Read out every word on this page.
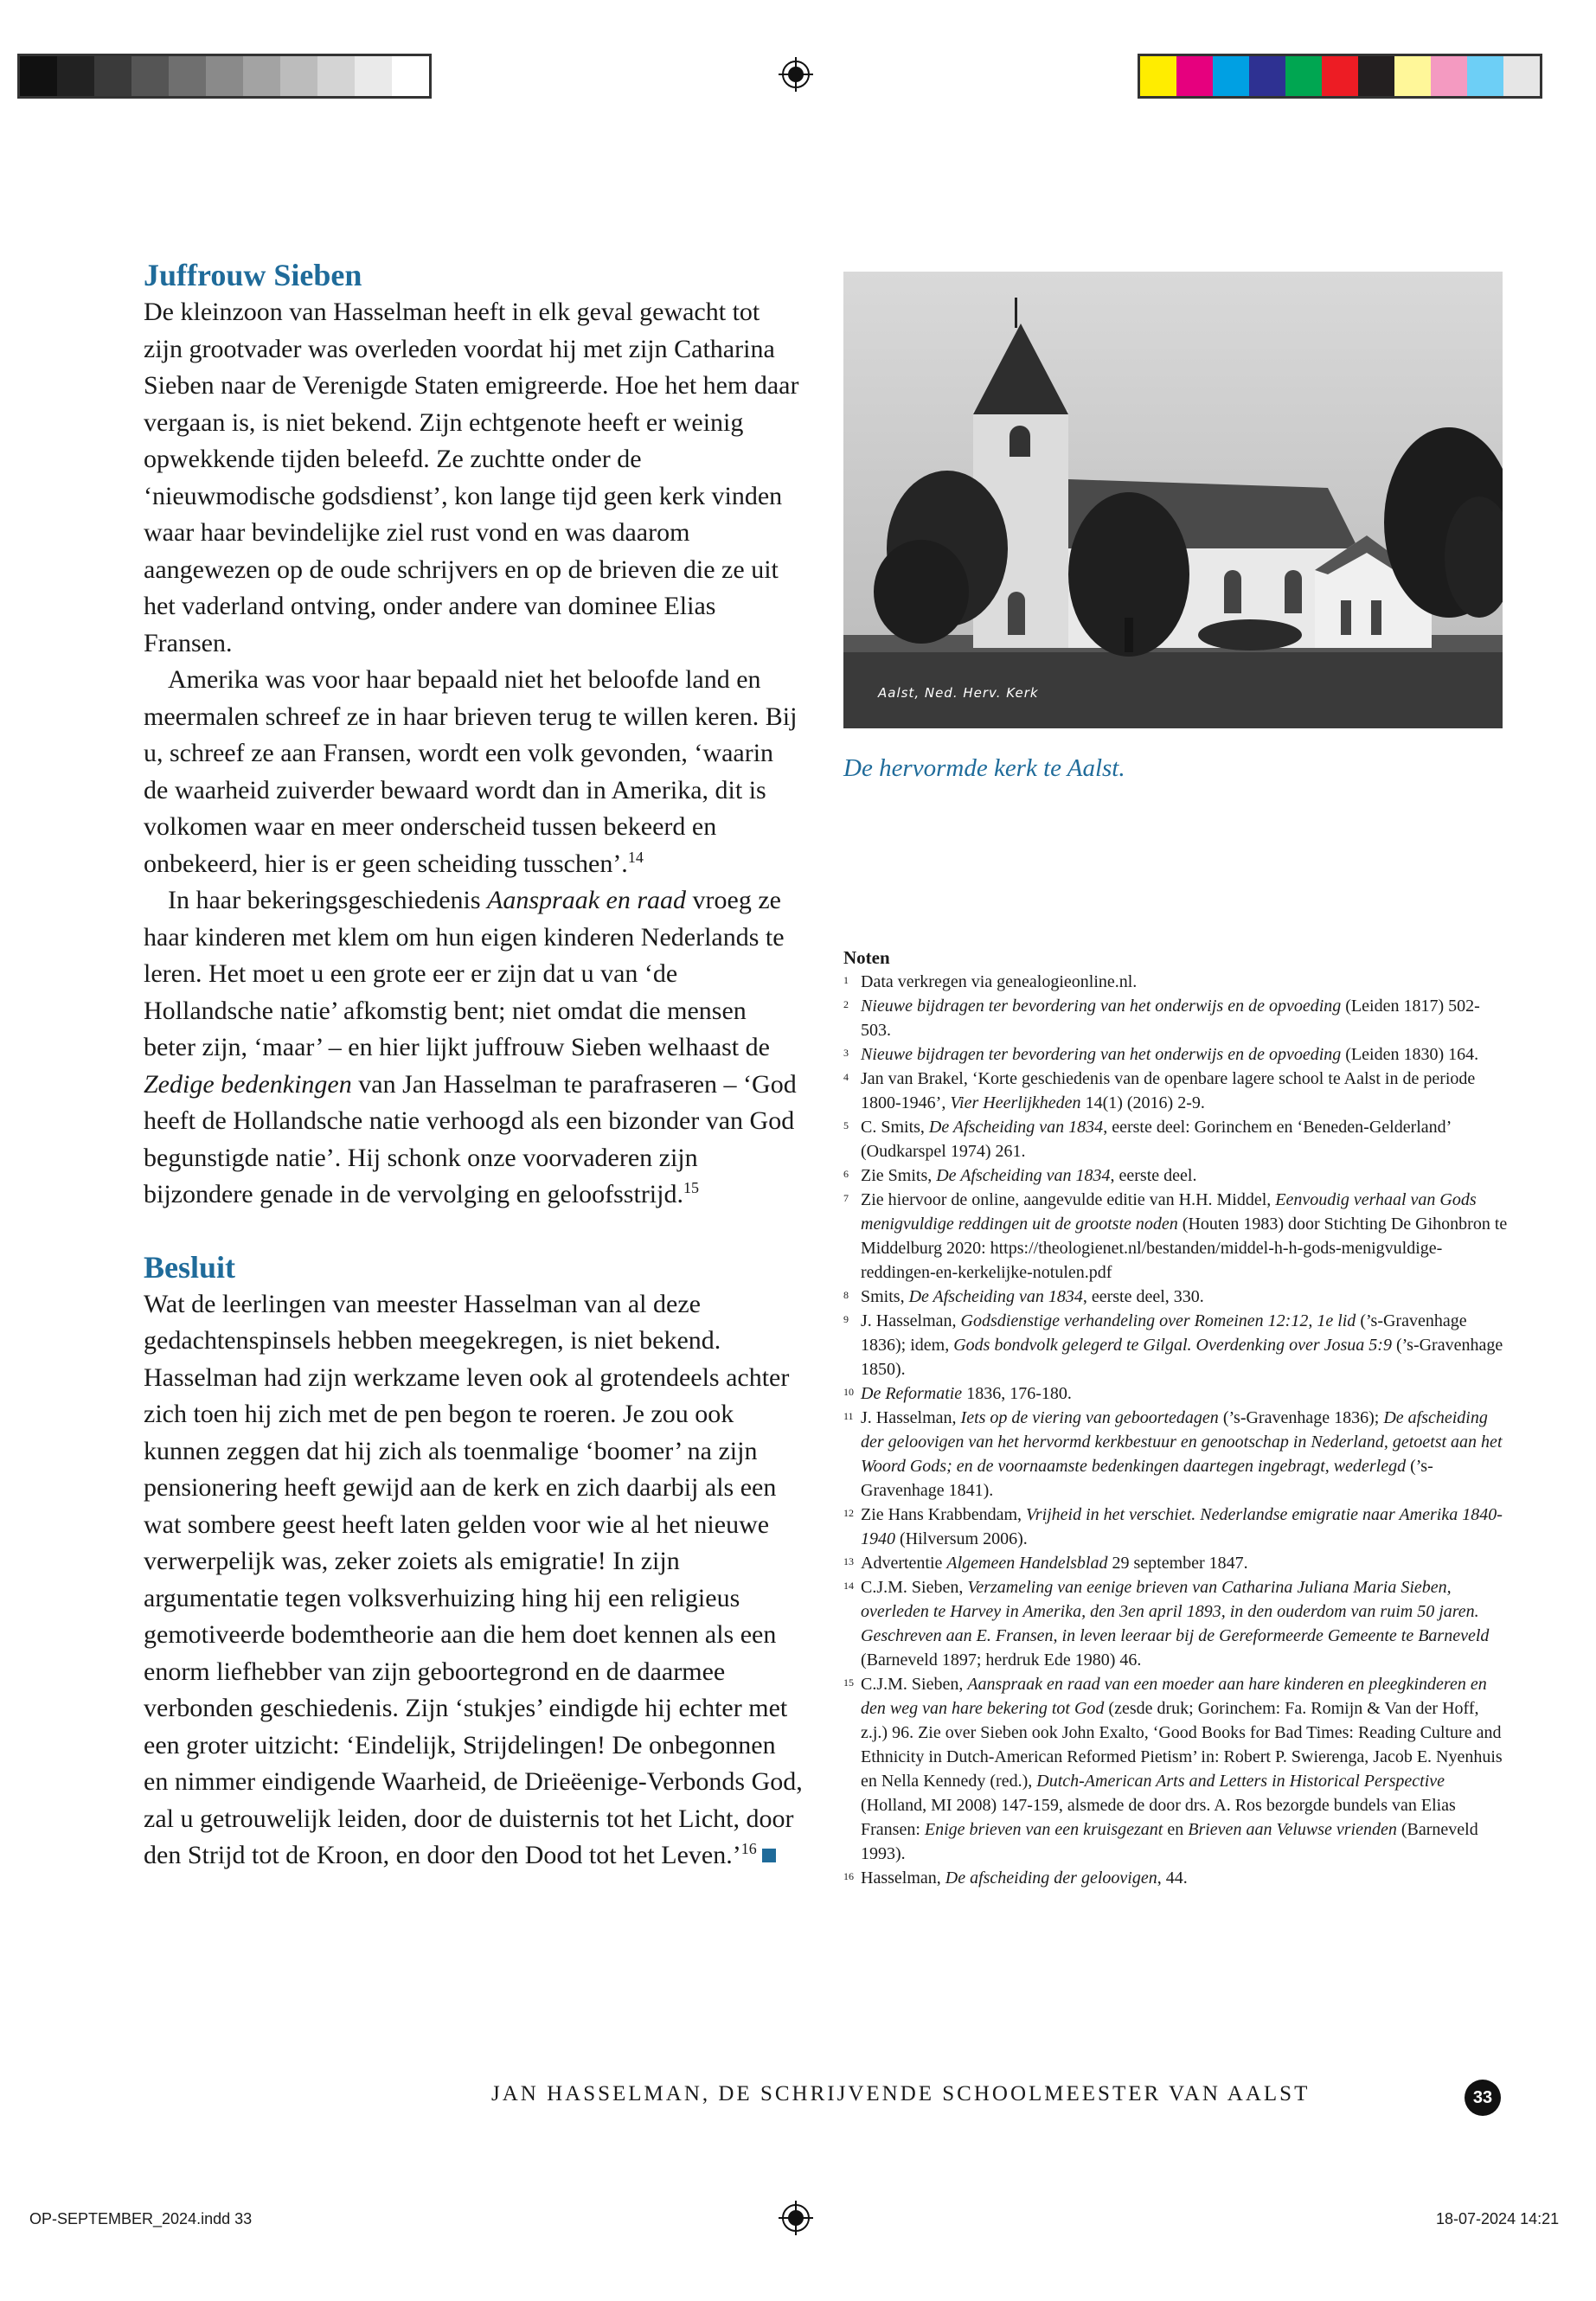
Juffrouw Sieben

De kleinzoon van Hasselman heeft in elk geval gewacht tot zijn grootvader was overleden voordat hij met zijn Catharina Sieben naar de Verenigde Staten emigreerde. Hoe het hem daar vergaan is, is niet bekend. Zijn echtgenote heeft er weinig opwekkende tijden beleefd. Ze zuchtte onder de ‘nieuwmodische godsdienst’, kon lange tijd geen kerk vinden waar haar bevindelijke ziel rust vond en was daarom aangewezen op de oude schrijvers en op de brieven die ze uit het vaderland ontving, onder andere van dominee Elias Fransen.

Amerika was voor haar bepaald niet het beloofde land en meermalen schreef ze in haar brieven terug te willen keren. Bij u, schreef ze aan Fransen, wordt een volk gevonden, ‘waarin de waarheid zuiverder bewaard wordt dan in Amerika, dit is volkomen waar en meer onderscheid tussen bekeerd en onbekeerd, hier is er geen scheiding tusschen’.$^{14}$

In haar bekeringsgeschiedenis Aanspraak en raad vroeg ze haar kinderen met klem om hun eigen kinderen Nederlands te leren. Het moet u een grote eer er zijn dat u van ‘de Hollandsche natie’ afkomstig bent; niet omdat die mensen beter zijn, ‘maar’ – en hier lijkt juffrouw Sieben welhaast de Zedige bedenkingen van Jan Hasselman te parafraseren – ‘God heeft de Hollandsche natie verhoogd als een bizonder van God begunstigde natie’. Hij schonk onze voorvaderen zijn bijzondere genade in de vervolging en geloofsstrijd.$^{15}$

Besluit

Wat de leerlingen van meester Hasselman van al deze gedachtenspinsels hebben meegekregen, is niet bekend. Hasselman had zijn werkzame leven ook al grotendeels achter zich toen hij zich met de pen begon te roeren. Je zou ook kunnen zeggen dat hij zich als toenmalige ‘boomer’ na zijn pensionering heeft gewijd aan de kerk en zich daarbij als een wat sombere geest heeft laten gelden voor wie al het nieuwe verwerpelijk was, zeker zoiets als emigratie! In zijn argumentatie tegen volksverhuizing hing hij een religieus gemotiveerde bodemtheorie aan die hem doet kennen als een enorm liefhebber van zijn geboortegrond en de daarmee verbonden geschiedenis. Zijn ‘stukjes’ eindigde hij echter met een groter uitzicht: ‘Eindelijk, Strijdelingen! De onbegonnen en nimmer eindigende Waarheid, de Drieëenige-Verbonds God, zal u getrouwelijk leiden, door de duisternis tot het Licht, door den Strijd tot de Kroon, en door den Dood tot het Leven.’$^{16}$

Aalst, Ned. Herv. Kerk
De hervormde kerk te Aalst.
Noten
1 Data verkregen via genealogieonline.nl.
2 Nieuwe bijdragen ter bevordering van het onderwijs en de opvoeding (Leiden 1817) 502-503.
3 Nieuwe bijdragen ter bevordering van het onderwijs en de opvoeding (Leiden 1830) 164.
4 Jan van Brakel, ‘Korte geschiedenis van de openbare lagere school te Aalst in de periode 1800-1946’, Vier Heerlijkheden 14(1) (2016) 2-9.
5 C. Smits, De Afscheiding van 1834, eerste deel: Gorinchem en ‘Beneden-Gelderland’ (Oudkarspel 1974) 261.
6 Zie Smits, De Afscheiding van 1834, eerste deel.
7 Zie hiervoor de online, aangevulde editie van H.H. Middel, Eenvoudig verhaal van Gods menigvuldige reddingen uit de grootste noden (Houten 1983) door Stichting De Gihonbron te Middelburg 2020: https://theologienet.nl/bestanden/middel-h-h-gods-menigvuldige-reddingen-en-kerkelijke-notulen.pdf
8 Smits, De Afscheiding van 1834, eerste deel, 330.
9 J. Hasselman, Godsdienstige verhandeling over Romeinen 12:12, 1e lid (’s-Gravenhage 1836); idem, Gods bondvolk gelegerd te Gilgal. Overdenking over Josua 5:9 (’s-Gravenhage 1850).
10 De Reformatie 1836, 176-180.
11 J. Hasselman, Iets op de viering van geboortedagen (’s-Gravenhage 1836); De afscheiding der geloovigen van het hervormd kerkbestuur en genootschap in Nederland, getoetst aan het Woord Gods; en de voornaamste bedenkingen daartegen ingebragt, wederlegd (’s-Gravenhage 1841).
12 Zie Hans Krabbendam, Vrijheid in het verschiet. Nederlandse emigratie naar Amerika 1840-1940 (Hilversum 2006).
13 Advertentie Algemeen Handelsblad 29 september 1847.
14 C.J.M. Sieben, Verzameling van eenige brieven van Catharina Juliana Maria Sieben, overleden te Harvey in Amerika, den 3en april 1893, in den ouderdom van ruim 50 jaren. Geschreven aan E. Fransen, in leven leeraar bij de Gereformeerde Gemeente te Barneveld (Barneveld 1897; herdruk Ede 1980) 46.
15 C.J.M. Sieben, Aanspraak en raad van een moeder aan hare kinderen en pleegkinderen en den weg van hare bekering tot God (zesde druk; Gorinchem: Fa. Romijn & Van der Hoff, z.j.) 96. Zie over Sieben ook John Exalto, ‘Good Books for Bad Times: Reading Culture and Ethnicity in Dutch-American Reformed Pietism’ in: Robert P. Swierenga, Jacob E. Nyenhuis en Nella Kennedy (red.), Dutch-American Arts and Letters in Historical Perspective (Holland, MI 2008) 147-159, alsmede de door drs. A. Ros bezorgde bundels van Elias Fransen: Enige brieven van een kruisgezant en Brieven aan Veluwse vrienden (Barneveld 1993).
16 Hasselman, De afscheiding der geloovigen, 44.
JAN HASSELMAN, DE SCHRIJVENDE SCHOOLMEESTER VAN AALST	33
OP-SEPTEMBER_2024.indd 33	18-07-2024 14:21
